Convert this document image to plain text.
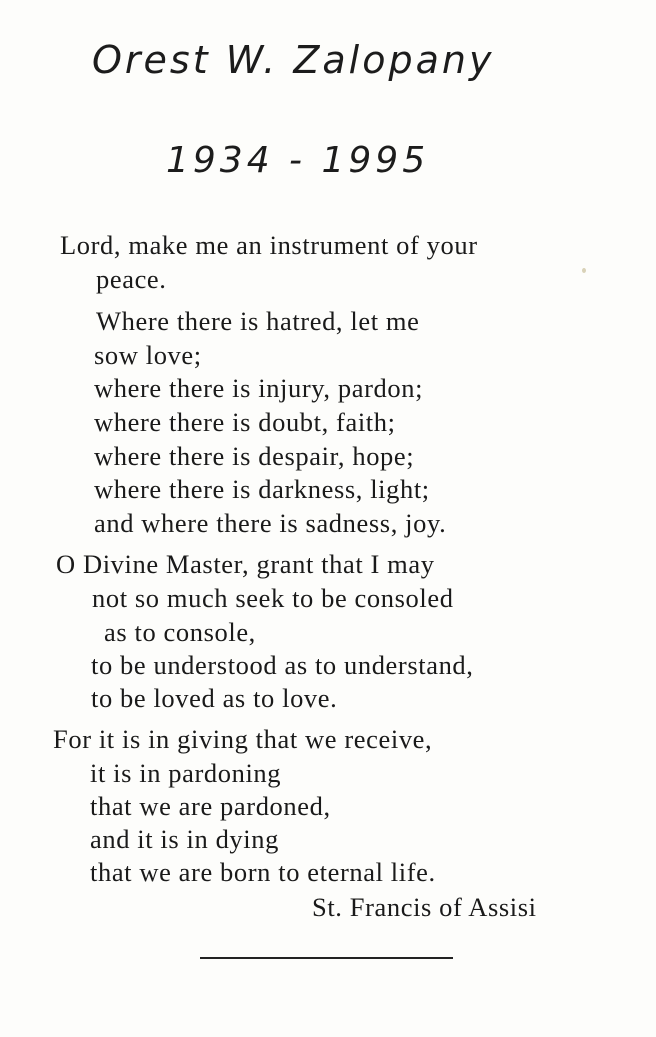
Orest W. Zalopany
1934 - 1995
Lord, make me an instrument of your
peace.
Where there is hatred, let me
sow love;
where there is injury, pardon;
where there is doubt, faith;
where there is despair, hope;
where there is darkness, light;
and where there is sadness, joy.
O Divine Master, grant that I may
not so much seek to be consoled
as to console,
to be understood as to understand,
to be loved as to love.
For it is in giving that we receive,
it is in pardoning
that we are pardoned,
and it is in dying
that we are born to eternal life.
St. Francis of Assisi
